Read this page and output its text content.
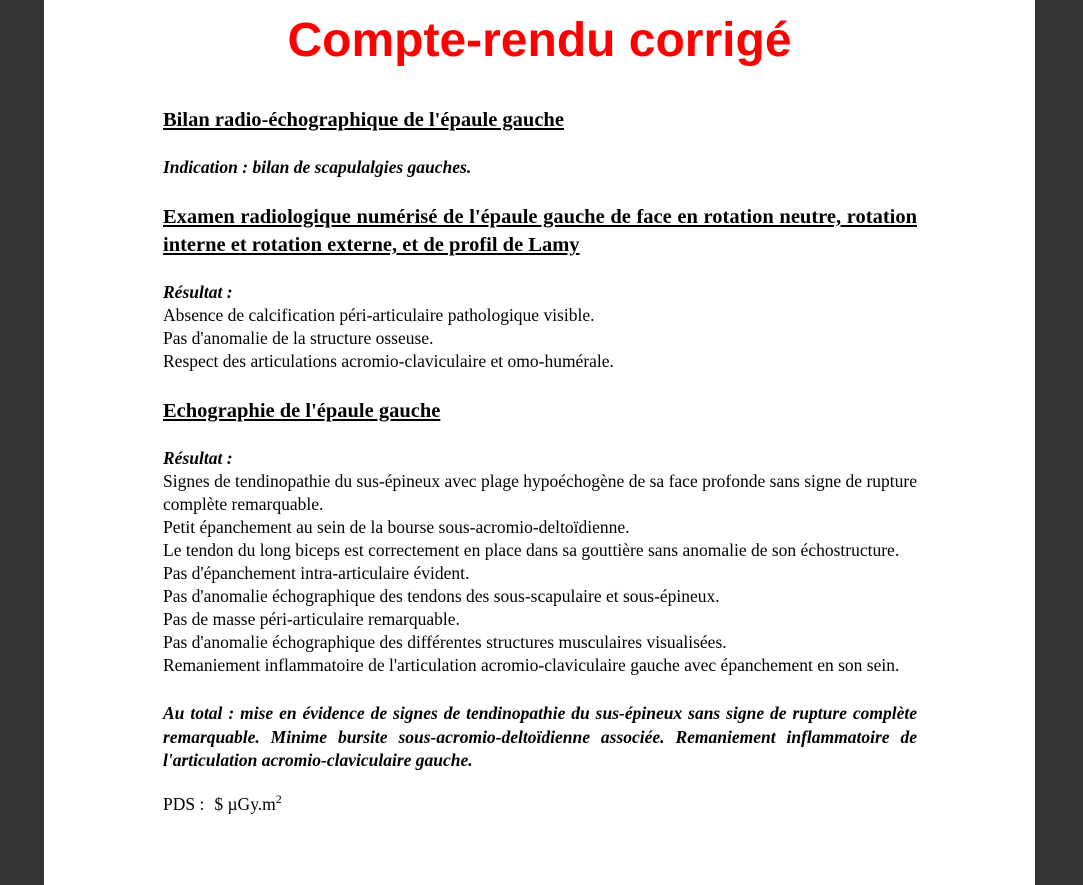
Compte-rendu corrigé
Bilan radio-échographique de l'épaule gauche

Indication : bilan de scapulalgies gauches.

Examen radiologique numérisé de l'épaule gauche de face en rotation neutre, rotation interne et rotation externe, et de profil de Lamy

Résultat :

Absence de calcification péri-articulaire pathologique visible.

Pas d'anomalie de la structure osseuse.

Respect des articulations acromio-claviculaire et omo-humérale.

Echographie de l'épaule gauche

Résultat :

Signes de tendinopathie du sus-épineux avec plage hypoéchogène de sa face profonde sans signe de rupture complète remarquable.

Petit épanchement au sein de la bourse sous-acromio-deltoïdienne.

Le tendon du long biceps est correctement en place dans sa gouttière sans anomalie de son échostructure.

Pas d'épanchement intra-articulaire évident.

Pas d'anomalie échographique des tendons des sous-scapulaire et sous-épineux.

Pas de masse péri-articulaire remarquable.

Pas d'anomalie échographique des différentes structures musculaires visualisées.

Remaniement inflammatoire de l'articulation acromio-claviculaire gauche avec épanchement en son sein.

Au total : mise en évidence de signes de tendinopathie du sus-épineux sans signe de rupture complète remarquable. Minime bursite sous-acromio-deltoïdienne associée. Remaniement inflammatoire de l'articulation acromio-claviculaire gauche.

PDS : $ $\mu Gy.m^2$
